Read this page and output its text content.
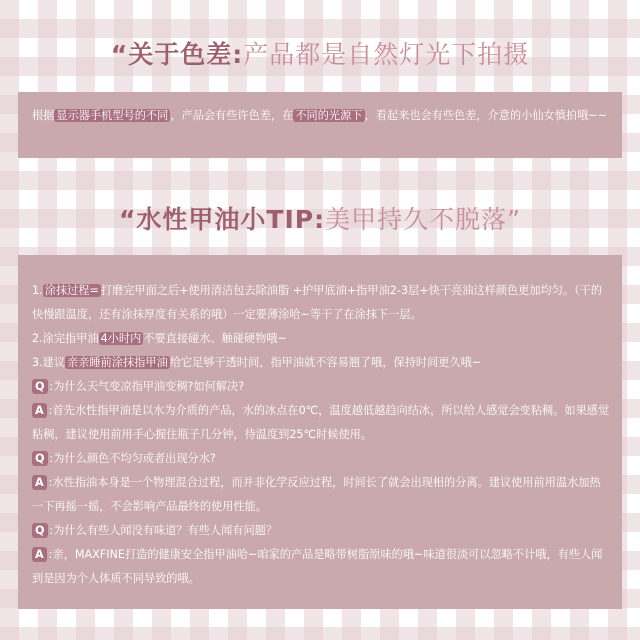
“关于色差:产品都是自然灯光下拍摄

根据 显示器手机型号的不同 ，产品会有些许色差，在 不同的光源下 ，看起来也会有些色差，介意的小仙女慎拍哦~~

“水性甲油小TIP:美甲持久不脱落”

1. 涂抹过程= 打磨完甲面之后+使用清洁包去除油脂 +护甲底油+指甲油2-3层+快干亮油这样颜色更加均匀。（干的快慢跟温度，还有涂抹厚度有关系的哦）一定要薄涂哈~等干了在涂抹下一层。

2.涂完指甲油 4小时内 不要直接碰水、触碰硬物哦~

3.建议 亲亲睡前涂抹指甲油 给它足够干透时间，指甲油就不容易翘了哦，保持时间更久哦~

Q :为什么天气变凉指甲油变稠?如何解决?

A :首先水性指甲油是以水为介质的产品，水的冰点在0℃，温度越低越趋向结冰，所以给人感觉会变粘稠。如果感觉粘稠，建议使用前用手心握住瓶子几分钟，待温度到25℃时候使用。

Q :为什么颜色不均匀或者出现分水?

A :水性指油本身是一个物理混合过程，而并非化学反应过程，时间长了就会出现相的分离。建议使用前用温水加热一下再摇一摇，不会影响产品最终的使用性能。

Q :为什么有些人闻没有味道？有些人闻有问题？

A :亲，MAXFINE打造的健康安全指甲油哈~咱家的产品是略带树脂原味的哦~味道很淡可以忽略不计哦，有些人闻到是因为个人体质不同导致的哦。
